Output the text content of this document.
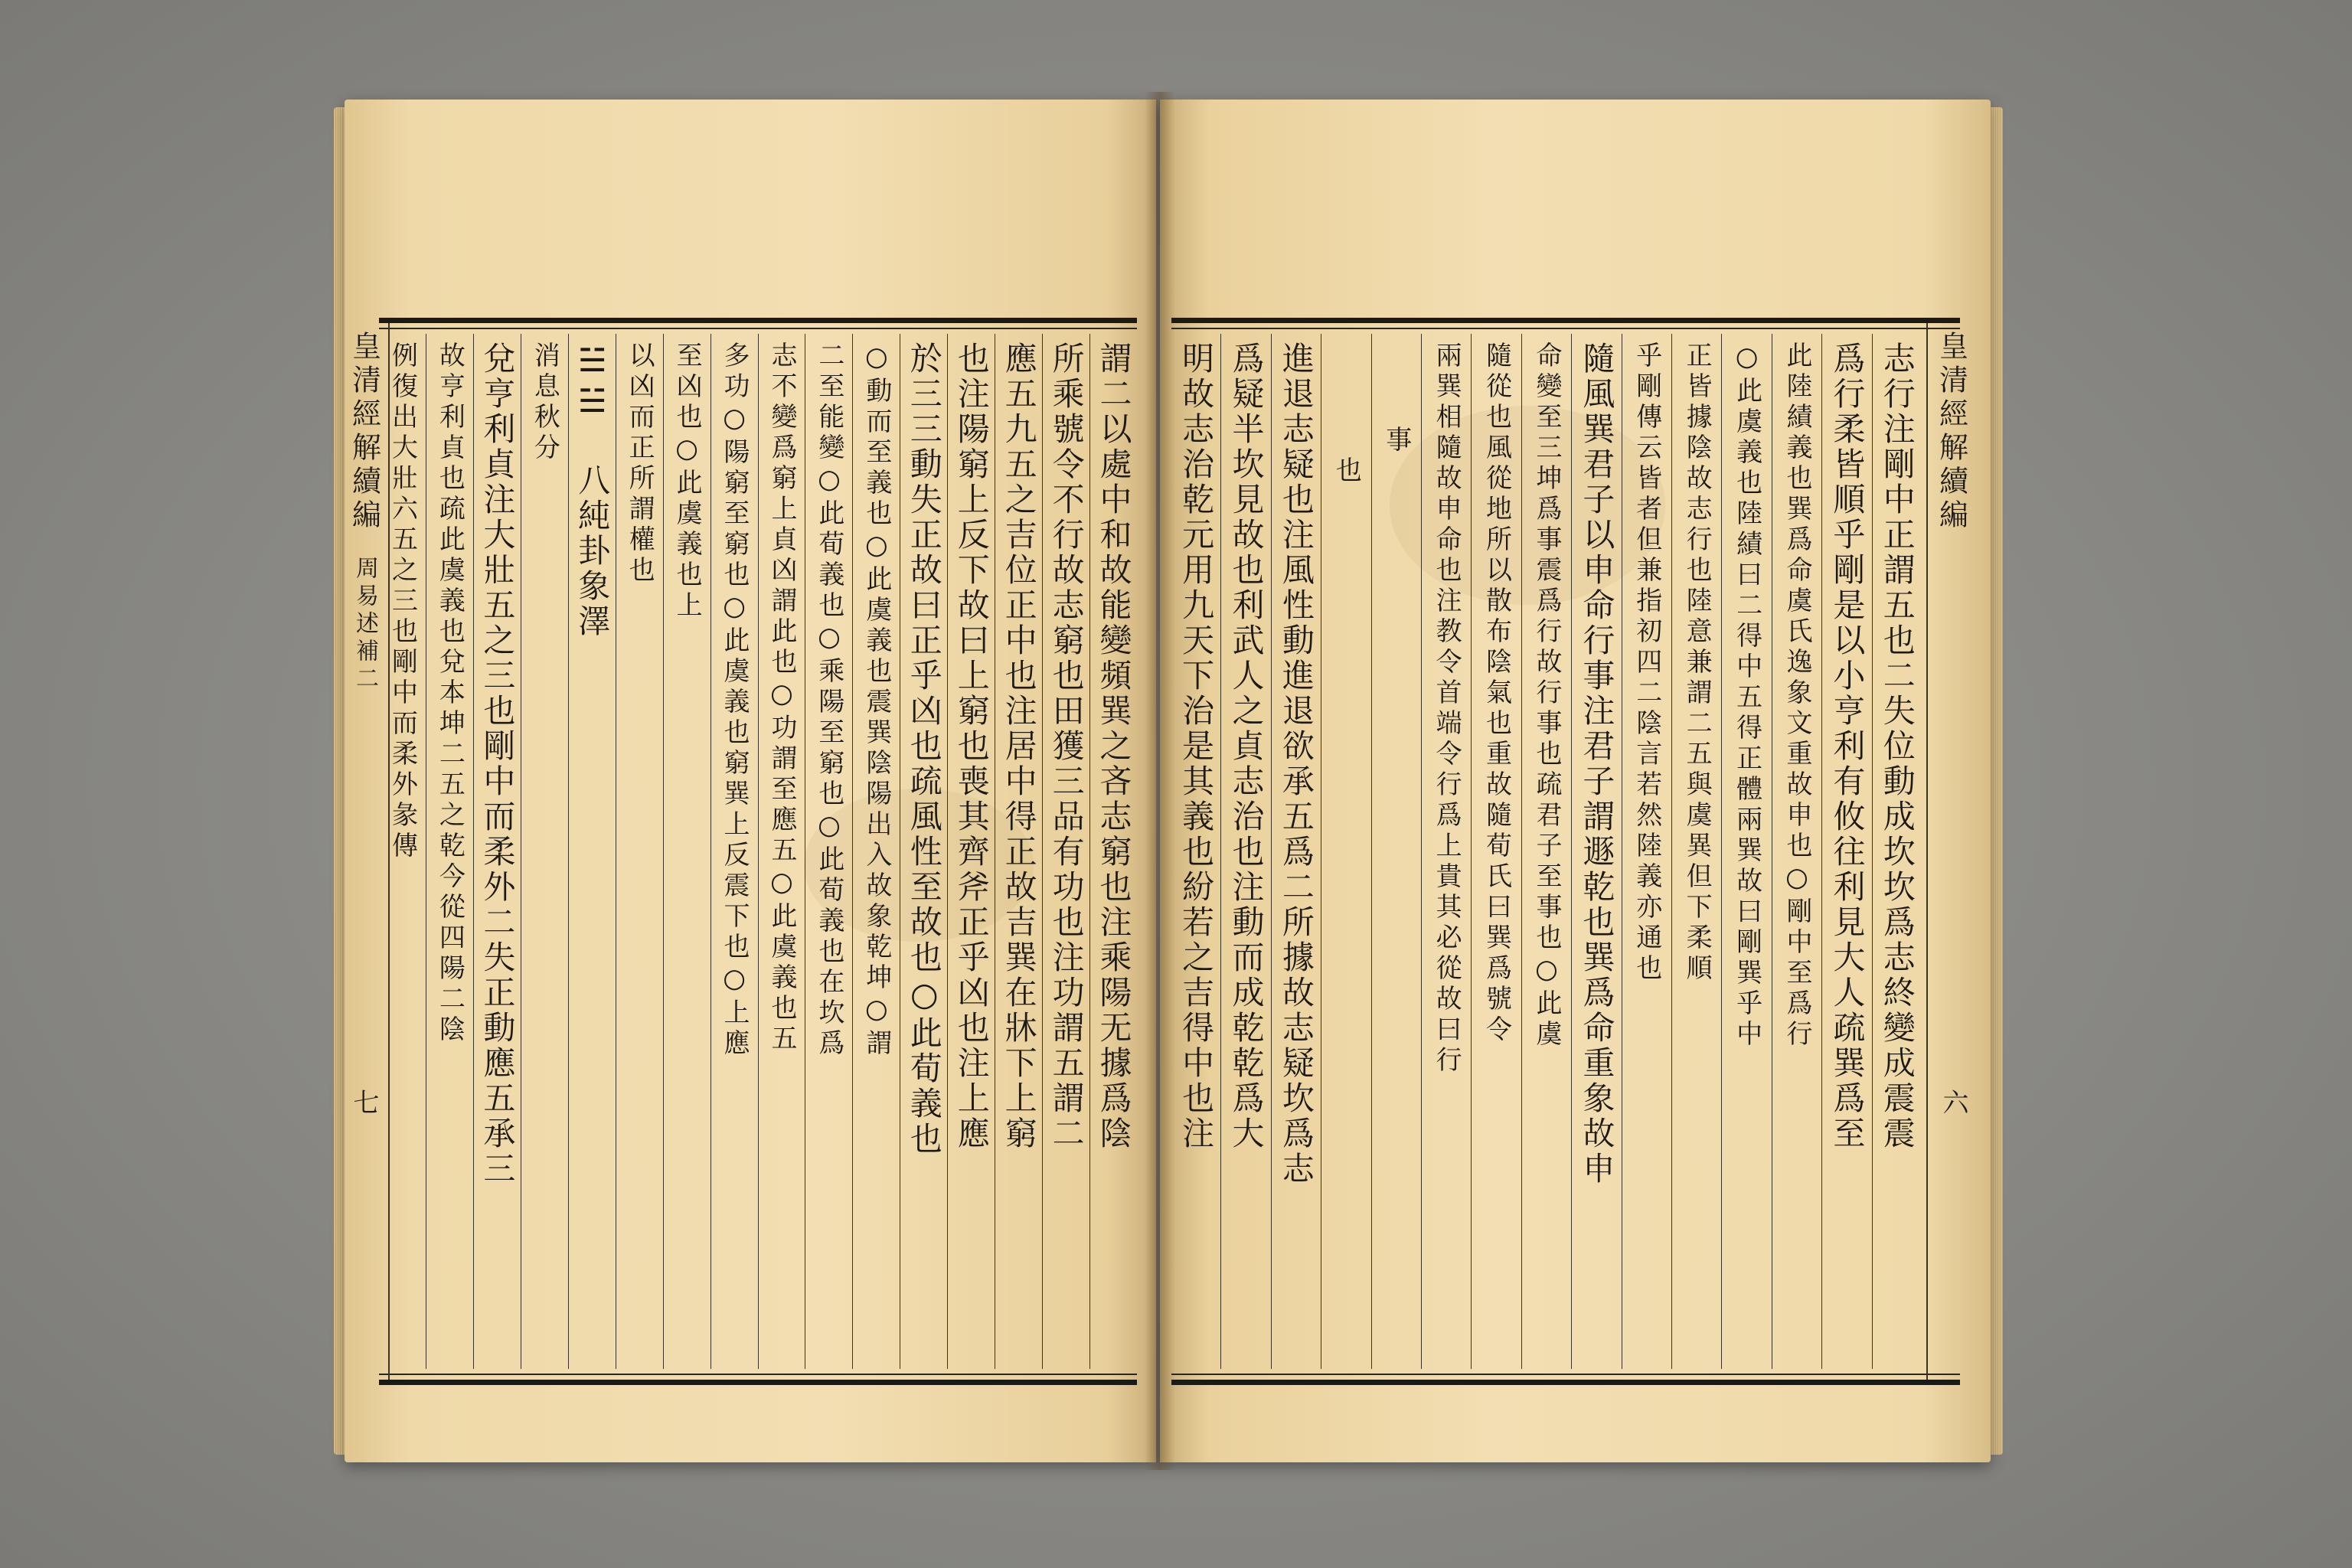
皇清經解續編
周易述補二
七	謂二以處中和故能變頻巽之吝志窮也注乘陽无據爲陰
所乘號令不行故志窮也田獲三品有功也注功謂五謂二
應五九五之吉位正中也注居中得正故吉巽在牀下上窮
也注陽窮上反下故曰上窮也喪其齊斧正乎凶也注上應
於三三動失正故曰正乎凶也疏風性至故也○此荀義也
○動而至義也○此虞義也震巽陰陽出入故象乾坤○謂
二至能變○此荀義也○乘陽至窮也○此荀義也在坎爲
志不變爲窮上貞凶謂此也○功謂至應五○此虞義也五
多功○陽窮至窮也○此虞義也窮巽上反震下也○上應
至凶也○此虞義也上
以凶而正所謂權也
☱☱ 八純卦象澤
消息秋分
兌亨利貞注大壯五之三也剛中而柔外二失正動應五承三
故亨利貞也疏此虞義也兌本坤二五之乾今從四陽二陰
例復出大壯六五之三也剛中而柔外彖傳	皇清經解續編
六
志行注剛中正謂五也二失位動成坎坎爲志終變成震震
爲行柔皆順乎剛是以小亨利有攸往利見大人疏巽爲至
此陸績義也巽爲命虞氏逸象文重故申也○剛中至爲行
○此虞義也陸績曰二得中五得正體兩巽故曰剛巽乎中
正皆據陰故志行也陸意兼謂二五與虞異但下柔順
乎剛傳云皆者但兼指初四二陰言若然陸義亦通也
隨風巽君子以申命行事注君子謂遯乾也巽爲命重象故申
命變至三坤爲事震爲行故行事也疏君子至事也○此虞
隨從也風從地所以散布陰氣也重故隨荀氏曰巽爲號令
兩巽相隨故申命也注教令首端令行爲上貴其必從故曰行
事
也
進退志疑也注風性動進退欲承五爲二所據故志疑坎爲志
爲疑半坎見故也利武人之貞志治也注動而成乾乾爲大
明故志治乾元用九天下治是其義也紛若之吉得中也注
